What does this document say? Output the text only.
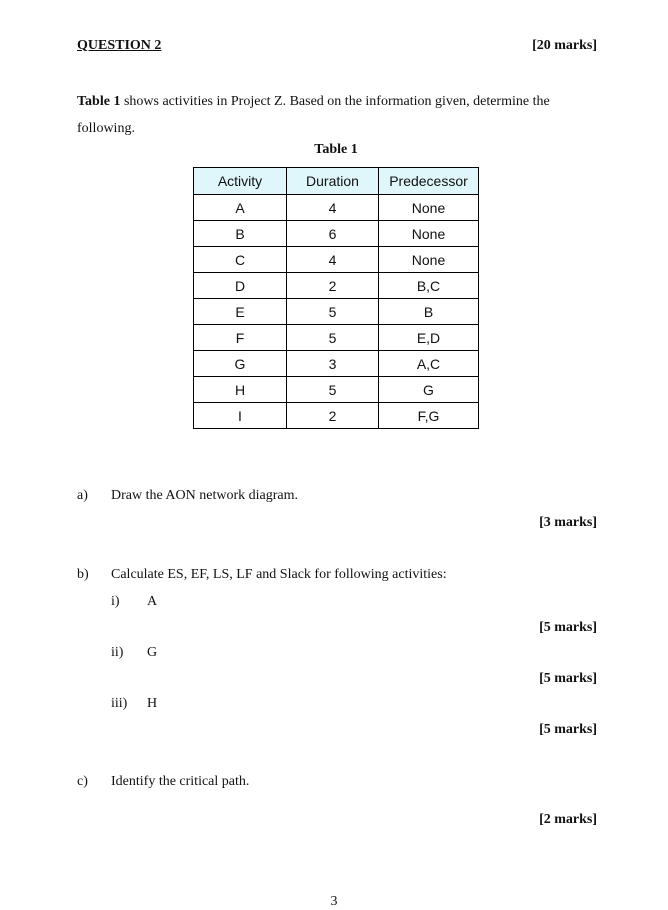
QUESTION 2	[20 marks]
Table 1 shows activities in Project Z. Based on the information given, determine the following.
Table 1
Activity	Duration	Predecessor
A	4	None
B	6	None
C	4	None
D	2	B,C
E	5	B
F	5	E,D
G	3	A,C
H	5	G
I	2	F,G
a) Draw the AON network diagram.
[3 marks]
b) Calculate ES, EF, LS, LF and Slack for following activities:
i) A
[5 marks]
ii) G
[5 marks]
iii) H
[5 marks]
c) Identify the critical path.
[2 marks]
3
